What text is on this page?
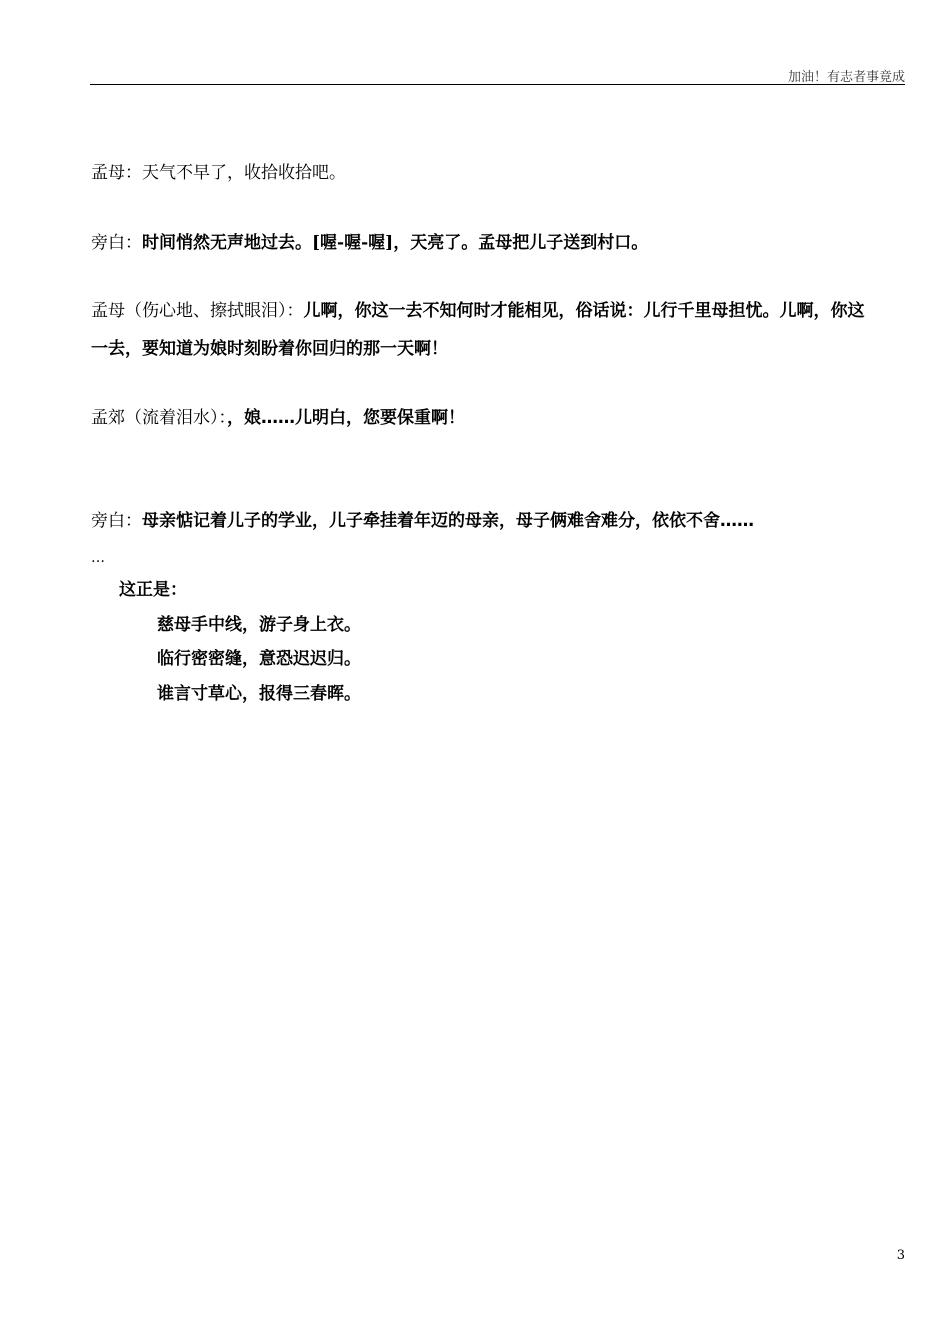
加油！有志者事竟成
孟母：天气不早了，收拾收拾吧。
旁白：时间悄然无声地过去。[喔-喔-喔]，天亮了。孟母把儿子送到村口。
孟母（伤心地、擦拭眼泪）：儿啊，你这一去不知何时才能相见，俗话说：儿行千里母担忧。儿啊，你这
一去，要知道为娘时刻盼着你回归的那一天啊！
孟郊（流着泪水）：，娘……儿明白，您要保重啊！
旁白：母亲惦记着儿子的学业，儿子牵挂着年迈的母亲，母子俩难舍难分，依依不舍……
…
这正是：
慈母手中线，游子身上衣。
临行密密缝，意恐迟迟归。
谁言寸草心，报得三春晖。
3
